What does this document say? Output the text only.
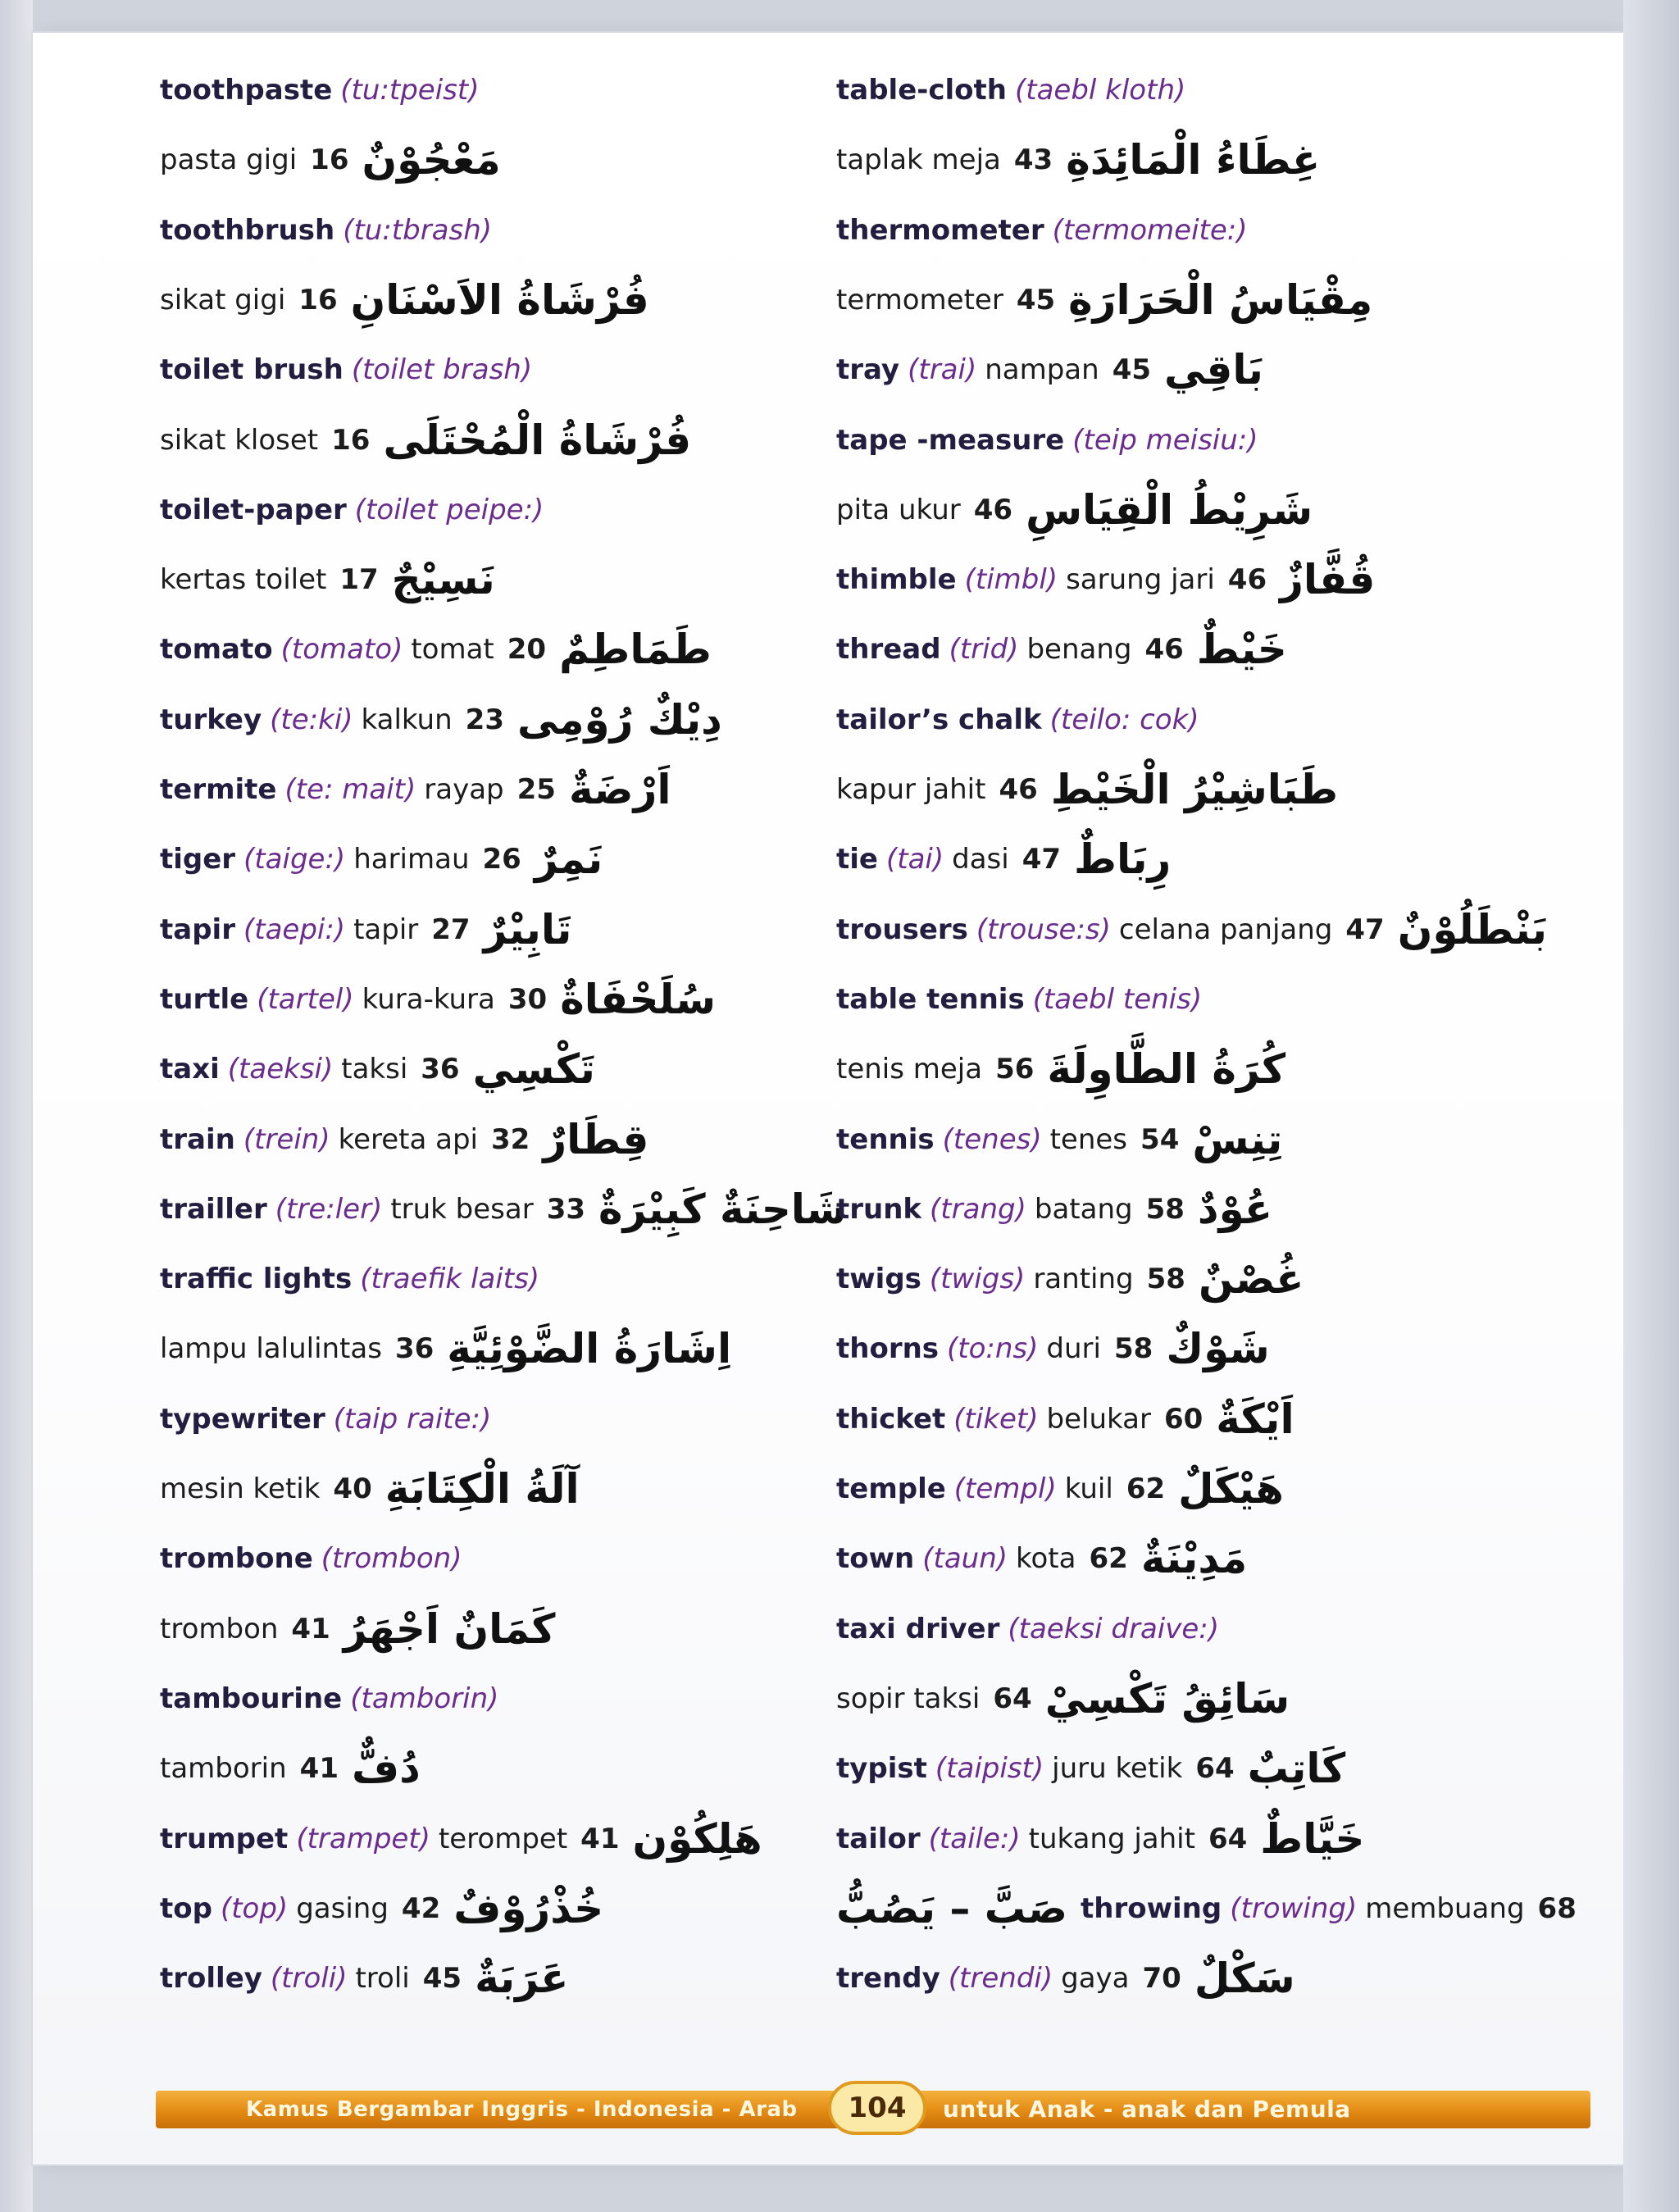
toothpaste (tu:tpeist)
pasta gigi 16 مَعْجُوْنٌ
toothbrush (tu:tbrash)
sikat gigi 16 فُرْشَاةُ الاَسْنَانِ
toilet brush (toilet brash)
sikat kloset 16 فُرْشَاةُ الْمُحْتَلَى
toilet-paper (toilet peipe:)
kertas toilet 17 نَسِيْجٌ
tomato (tomato) tomat 20 طَمَاطِمٌ
turkey (te:ki) kalkun 23 دِيْكٌ رُوْمِى
termite (te: mait) rayap 25 اَرْضَةٌ
tiger (taige:) harimau 26 نَمِرٌ
tapir (taepi:) tapir 27 تَابِيْرٌ
turtle (tartel) kura-kura 30 سُلَحْفَاةٌ
taxi (taeksi) taksi 36 تَكْسِي
train (trein) kereta api 32 قِطَارٌ
trailler (tre:ler) truk besar 33 شَاحِنَةٌ كَبِيْرَةٌ
traffic lights (traefik laits)
lampu lalulintas 36 اِشَارَةُ الضَّوْئِيَّةِ
typewriter (taip raite:)
mesin ketik 40 آلَةُ الْكِتَابَةِ
trombone (trombon)
trombon 41 كَمَانٌ اَجْهَرُ
tambourine (tamborin)
tamborin 41 دُفٌّ
trumpet (trampet) terompet 41 هَلِكُوْن
top (top) gasing 42 خُذْرُوْفٌ
trolley (troli) troli 45 عَرَبَةٌ
table-cloth (taebl kloth)
taplak meja 43 غِطَاءُ الْمَائِدَةِ
thermometer (termomeite:)
termometer 45 مِقْيَاسُ الْحَرَارَةِ
tray (trai) nampan 45 بَاقِي
tape -measure (teip meisiu:)
pita ukur 46 شَرِيْطُ الْقِيَاسِ
thimble (timbl) sarung jari 46 قُفَّازٌ
thread (trid) benang 46 خَيْطٌ
tailor’s chalk (teilo: cok)
kapur jahit 46 طَبَاشِيْرُ الْخَيْطِ
tie (tai) dasi 47 رِبَاطٌ
trousers (trouse:s) celana panjang 47 بَنْطَلُوْنٌ
table tennis (taebl tenis)
tenis meja 56 كُرَةُ الطَّاوِلَةَ
tennis (tenes) tenes 54 تِنِسْ
trunk (trang) batang 58 عُوْدٌ
twigs (twigs) ranting 58 غُصْنٌ
thorns (to:ns) duri 58 شَوْكٌ
thicket (tiket) belukar 60 اَيْكَةٌ
temple (templ) kuil 62 هَيْكَلٌ
town (taun) kota 62 مَدِيْنَةٌ
taxi driver (taeksi draive:)
sopir taksi 64 سَائِقُ تَكْسِيْ
typist (taipist) juru ketik 64 كَاتِبٌ
tailor (taile:) tukang jahit 64 خَيَّاطٌ
صَبَّ – يَصُبُّ throwing (trowing) membuang 68
trendy (trendi) gaya 70 سَكْلٌ
Kamus Bergambar Inggris - Indonesia - Arab	104	untuk Anak - anak dan Pemula
